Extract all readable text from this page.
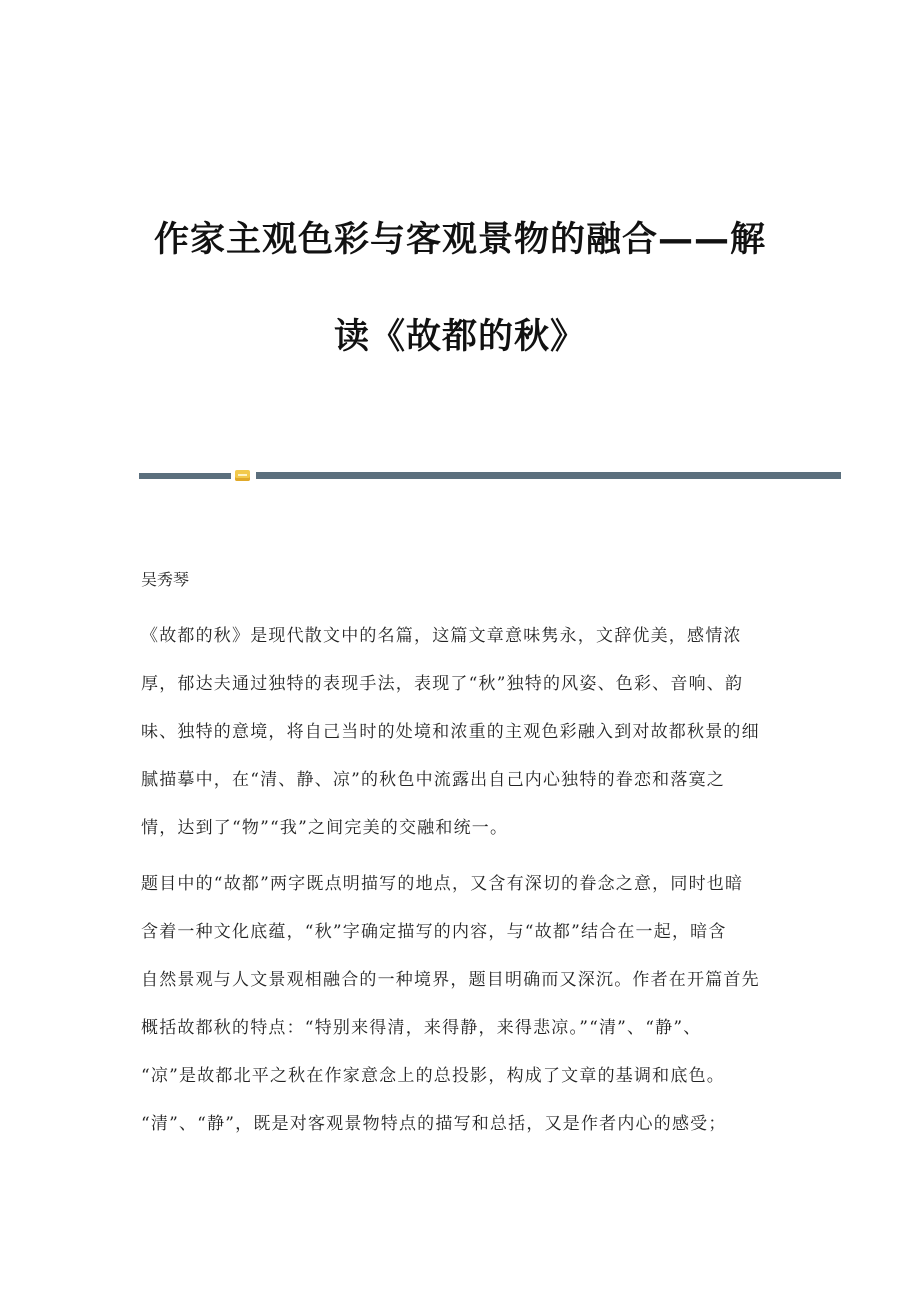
作家主观色彩与客观景物的融合——解
读《故都的秋》
吴秀琴
《故都的秋》是现代散文中的名篇，这篇文章意味隽永，文辞优美，感情浓
厚，郁达夫通过独特的表现手法，表现了“秋”独特的风姿、色彩、音响、韵
味、独特的意境，将自己当时的处境和浓重的主观色彩融入到对故都秋景的细
腻描摹中，在“清、静、凉”的秋色中流露出自己内心独特的眷恋和落寞之
情，达到了“物”“我”之间完美的交融和统一。
题目中的“故都”两字既点明描写的地点，又含有深切的眷念之意，同时也暗
含着一种文化底蕴，“秋”字确定描写的内容，与“故都”结合在一起，暗含
自然景观与人文景观相融合的一种境界，题目明确而又深沉。作者在开篇首先
概括故都秋的特点：“特别来得清，来得静，来得悲凉。”“清”、“静”、
“凉”是故都北平之秋在作家意念上的总投影，构成了文章的基调和底色。
“清”、“静”，既是对客观景物特点的描写和总括，又是作者内心的感受；
